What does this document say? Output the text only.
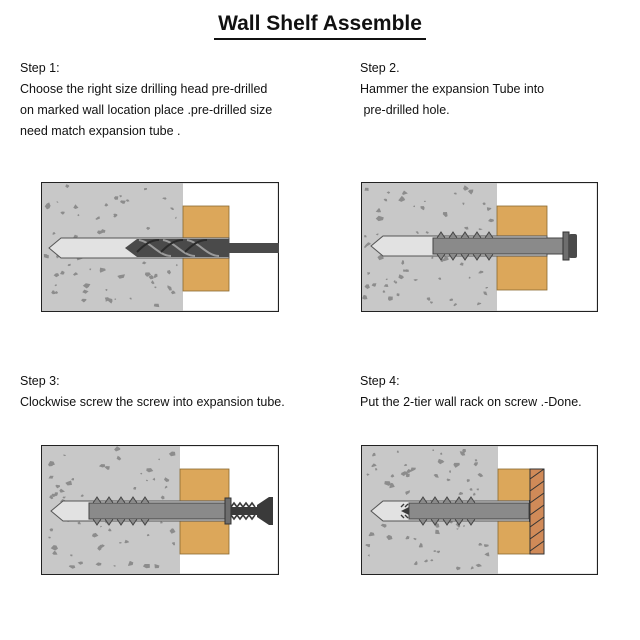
Wall Shelf Assemble
Step 1:
Choose the right size drilling head pre-drilled
on marked wall location place .pre-drilled size
need match expansion tube .
Step 2.
Hammer the expansion Tube into
pre-drilled hole.
Step 3:
Clockwise screw the screw into expansion tube.
Step 4:
Put the 2-tier wall rack on screw .-Done.
